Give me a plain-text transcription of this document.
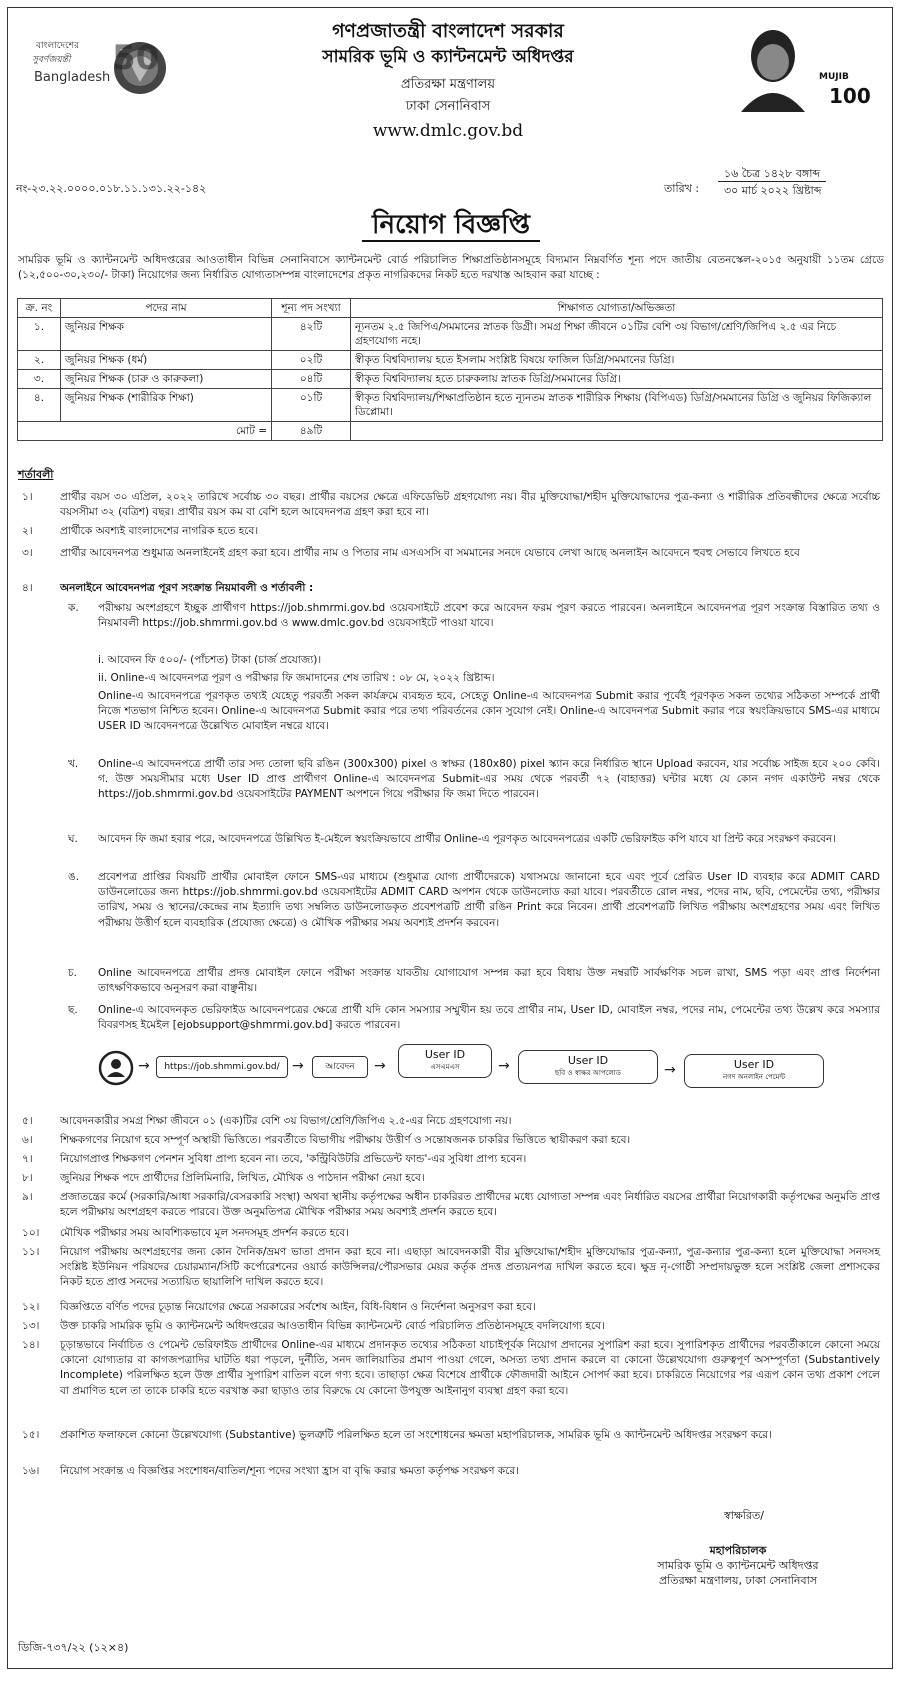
বাংলাদেশের
সুবর্ণজয়ন্তী
Bangladesh 50
গণপ্রজাতন্ত্রী বাংলাদেশ সরকার
সামরিক ভূমি ও ক্যান্টনমেন্ট অধিদপ্তর
প্রতিরক্ষা মন্ত্রণালয়
ঢাকা সেনানিবাস
www.dmlc.gov.bd
MUJIB
100
নং-২৩.২২.০০০০.০১৮.১১.১৩১.২২-১৪২	তারিখ :
১৬ চৈত্র ১৪২৮ বঙ্গাব্দ
৩০ মার্চ ২০২২ খ্রিষ্টাব্দ
নিয়োগ বিজ্ঞপ্তি
সামরিক ভূমি ও ক্যান্টনমেন্ট অধিদপ্তরের আওতাধীন বিভিন্ন সেনানিবাসে ক্যান্টনমেন্ট বোর্ড পরিচালিত শিক্ষাপ্রতিষ্ঠানসমূহে বিদ্যমান নিম্নবর্ণিত শূন্য পদে জাতীয় বেতনস্কেল-২০১৫ অনুযায়ী ১১তম গ্রেডে (১২,৫০০-৩০,২৩০/- টাকা) নিয়োগের জন্য নির্ধারিত যোগ্যতাসম্পন্ন বাংলাদেশের প্রকৃত নাগরিকদের নিকট হতে দরখাস্ত আহবান করা যাচ্ছে :
ক্র. নং	পদের নাম	শূন্য পদ সংখ্যা	শিক্ষাগত যোগ্যতা/অভিজ্ঞতা
১.	জুনিয়র শিক্ষক	৪২টি	ন্যূনতম ২.৫ জিপিএ/সমমানের স্নাতক ডিগ্রী। সমগ্র শিক্ষা জীবনে ০১টির বেশি ৩য় বিভাগ/শ্রেণি/জিপিএ ২.৫ এর নিচে গ্রহণযোগ্য নহে।
২.	জুনিয়র শিক্ষক (ধর্ম)	০২টি	স্বীকৃত বিশ্ববিদ্যালয় হতে ইসলাম সংশ্লিষ্ট বিষয়ে ফাজিল ডিগ্রি/সমমানের ডিগ্রি।
৩.	জুনিয়র শিক্ষক (চারু ও কারুকলা)	০৪টি	স্বীকৃত বিশ্ববিদ্যালয় হতে চারুকলায় স্নাতক ডিগ্রি/সমমানের ডিগ্রি।
৪.	জুনিয়র শিক্ষক (শারীরিক শিক্ষা)	০১টি	স্বীকৃত বিশ্ববিদ্যালয়/শিক্ষাপ্রতিষ্ঠান হতে ন্যূনতম স্নাতক শারীরিক শিক্ষায় (বিপিএড) ডিগ্রি/সমমানের ডিগ্রি ও জুনিয়র ফিজিক্যাল ডিপ্লোমা।
মোট =		৪৯টি	
শর্তাবলী
১।	প্রার্থীর বয়স ৩০ এপ্রিল, ২০২২ তারিখে সর্বোচ্চ ৩০ বছর। প্রার্থীর বয়সের ক্ষেত্রে এফিডেভিট গ্রহণযোগ্য নয়। বীর মুক্তিযোদ্ধা/শহীদ মুক্তিযোদ্ধাদের পুত্র-কন্যা ও শারীরিক প্রতিবন্ধীদের ক্ষেত্রে সর্বোচ্চ বয়সসীমা ৩২ (বত্রিশ) বছর। প্রার্থীর বয়স কম বা বেশি হলে আবেদনপত্র গ্রহণ করা হবে না।
২।	প্রার্থীকে অবশ্যই বাংলাদেশের নাগরিক হতে হবে।
৩।	প্রার্থীর আবেদনপত্র শুধুমাত্র অনলাইনেই গ্রহণ করা হবে। প্রার্থীর নাম ও পিতার নাম এসএসসি বা সমমানের সনদে যেভাবে লেখা আছে অনলাইন আবেদনে হুবহু সেভাবে লিখতে হবে
৪।	অনলাইনে আবেদনপত্র পূরণ সংক্রান্ত নিয়মাবলী ও শর্তাবলী :
ক.	পরীক্ষায় অংশগ্রহণে ইচ্ছুক প্রার্থীগণ https://job.shmrmi.gov.bd ওয়েবসাইটে প্রবেশ করে আবেদন ফরম পূরণ করতে পারবেন। অনলাইনে আবেদনপত্র পূরণ সংক্রান্ত বিস্তারিত তথ্য ও নিয়মাবলী https://job.shmrmi.gov.bd ও www.dmlc.gov.bd ওয়েবসাইটে পাওয়া যাবে।
i. আবেদন ফি ৫০০/- (পাঁচশত) টাকা (চার্জ প্রযোজ্য)।
ii. Online-এ আবেদনপত্র পূরণ ও পরীক্ষার ফি জমাদানের শেষ তারিখ : ০৮ মে, ২০২২ খ্রিষ্টাব্দ।
Online-এ আবেদনপত্রে পূরণকৃত তথ্যই যেহেতু পরবর্তী সকল কার্যক্রমে ব্যবহৃত হবে, সেহেতু Online-এ আবেদনপত্র Submit করার পূর্বেই পূরণকৃত সকল তথ্যের সঠিকতা সম্পর্কে প্রার্থী নিজে শতভাগ নিশ্চিত হবেন। Online-এ আবেদনপত্র Submit করার পরে তথ্য পরিবর্তনের কোন সুযোগ নেই। Online-এ আবেদনপত্র Submit করার পরে স্বয়ংক্রিয়ভাবে SMS-এর মাধ্যমে USER ID আবেদনপত্রে উল্লেখিত মোবাইল নম্বরে যাবে।
খ.	Online-এ আবেদনপত্রে প্রার্থী তার সদ্য তোলা ছবি রঙিন (300x300) pixel ও স্বাক্ষর (180x80) pixel স্ক্যান করে নির্ধারিত স্থানে Upload করবেন, যার সর্বোচ্চ সাইজ হবে ২০০ কেবি। গ. উক্ত সময়সীমার মধ্যে User ID প্রাপ্ত প্রার্থীগণ Online-এ আবেদনপত্র Submit-এর সময় থেকে পরবর্তী ৭২ (বাহাত্তর) ঘন্টার মধ্যে যে কোন নগদ একাউন্ট নম্বর থেকে https://job.shmrmi.gov.bd ওয়েবসাইটের PAYMENT অপশনে গিয়ে পরীক্ষার ফি জমা দিতে পারবেন।
ঘ.	আবেদন ফি জমা হবার পরে, আবেদনপত্রে উল্লিখিত ই-মেইলে স্বয়ংক্রিয়ভাবে প্রার্থীর Online-এ পূরণকৃত আবেদনপত্রের একটি ভেরিফাইড কপি যাবে যা প্রিন্ট করে সংরক্ষণ করবেন।
ঙ.	প্রবেশপত্র প্রাপ্তির বিষয়টি প্রার্থীর মোবাইল ফোনে SMS-এর মাধ্যমে (শুধুমাত্র যোগ্য প্রার্থীদেরকে) যথাসময়ে জানানো হবে এবং পূর্বে প্রেরিত User ID ব্যবহার করে ADMIT CARD ডাউনলোডের জন্য https://job.shmrmi.gov.bd ওয়েবসাইটের ADMIT CARD অপশন থেকে ডাউনলোড করা যাবে। পরবর্তীতে রোল নম্বর, পদের নাম, ছবি, পেমেন্টের তথ্য, পরীক্ষার তারিখ, সময় ও স্থানের/কেন্দ্রের নাম ইত্যাদি তথ্য সম্বলিত ডাউনলোডকৃত প্রবেশপত্রটি প্রার্থী রঙিন Print করে নিবেন। প্রার্থী প্রবেশপত্রটি লিখিত পরীক্ষায় অংশগ্রহণের সময় এবং লিখিত পরীক্ষায় উত্তীর্ণ হলে ব্যবহারিক (প্রযোজ্য ক্ষেত্রে) ও মৌখিক পরীক্ষার সময় অবশ্যই প্রদর্শন করবেন।
চ.	Online আবেদনপত্রে প্রার্থীর প্রদত্ত মোবাইল ফোনে পরীক্ষা সংক্রান্ত যাবতীয় যোগাযোগ সম্পন্ন করা হবে বিধায় উক্ত নম্বরটি সার্বক্ষণিক সচল রাখা, SMS পড়া এবং প্রাপ্ত নির্দেশনা তাৎক্ষণিকভাবে অনুসরণ করা বাঞ্ছনীয়।
ছ.	Online-এ আবেদনকৃত ভেরিফাইড আবেদনপত্রের ক্ষেত্রে প্রার্থী যদি কোন সমস্যার সম্মুখীন হয় তবে প্রার্থীর নাম, User ID, মোবাইল নম্বর, পদের নাম, পেমেন্টের তথ্য উল্লেখ করে সমস্যার বিবরণসহ ইমেইল [ejobsupport@shmrmi.gov.bd] করতে পারবেন।
→	https://job.shmmi.gov.bd/ →	আবেদন	→
User ID
এসএমএস	→	User ID
ছবি ও স্বাক্ষর আপলোড	→	User ID
নগদ অনলাইন পেমেন্ট
৫।	আবেদনকারীর সমগ্র শিক্ষা জীবনে ০১ (এক)টির বেশি ৩য় বিভাগ/শ্রেণি/জিপিএ ২.৫-এর নিচে গ্রহণযোগ্য নয়।
৬।	শিক্ষকগণের নিয়োগ হবে সম্পূর্ণ অস্থায়ী ভিত্তিতে। পরবর্তীতে বিভাগীয় পরীক্ষায় উত্তীর্ণ ও সন্তোষজনক চাকরির ভিত্তিতে স্থায়ীকরণ করা হবে।
৭।	নিয়োগপ্রাপ্ত শিক্ষকগণ পেনশন সুবিধা প্রাপ্য হবেন না। তবে, 'কন্ট্রিবিউটরি প্রভিডেন্ট ফান্ড'-এর সুবিধা প্রাপ্য হবেন।
৮।	জুনিয়র শিক্ষক পদে প্রার্থীদের প্রিলিমিনারি, লিখিত, মৌখিক ও পাঠদান পরীক্ষা নেয়া হবে।
৯।	প্রজাতন্ত্রের কর্মে (সরকারি/আধা সরকারি/বেসরকারি সংস্থা) অথবা স্থানীয় কর্তৃপক্ষের অধীন চাকরিরত প্রার্থীদের মধ্যে যোগ্যতা সম্পন্ন এবং নির্ধারিত বয়সের প্রার্থীরা নিয়োগকারী কর্তৃপক্ষের অনুমতি প্রাপ্ত হলে পরীক্ষায় অংশগ্রহণ করতে পারবে। উক্ত অনুমতিপত্র মৌখিক পরীক্ষার সময় অবশ্যই প্রদর্শন করতে হবে।
১০।	মৌখিক পরীক্ষার সময় আবশ্যিকভাবে মূল সনদসমূহ প্রদর্শন করতে হবে।
১১।	নিয়োগ পরীক্ষায় অংশগ্রহণের জন্য কোন দৈনিক/ভ্রমণ ভাতা প্রদান করা হবে না। এছাড়া আবেদনকারী বীর মুক্তিযোদ্ধা/শহীদ মুক্তিযোদ্ধার পুত্র-কন্যা, পুত্র-কন্যার পুত্র-কন্যা হলে মুক্তিযোদ্ধা সনদসহ সংশ্লিষ্ট ইউনিয়ন পরিষদের চেয়ারম্যান/সিটি কর্পোরেশনের ওয়ার্ড কাউন্সিলর/পৌরসভার মেয়র কর্তৃক প্রদত্ত প্রত্যয়নপত্র দাখিল করতে হবে। ক্ষুদ্র নৃ-গোষ্ঠী সম্প্রদায়ভুক্ত হলে সংশ্লিষ্ট জেলা প্রশাসকের নিকট হতে প্রাপ্ত সনদের সত্যায়িত ছায়ালিপি দাখিল করতে হবে।
১২।	বিজ্ঞপ্তিতে বর্ণিত পদের চূড়ান্ত নিয়োগের ক্ষেত্রে সরকারের সর্বশেষ আইন, বিধি-বিধান ও নির্দেশনা অনুসরণ করা হবে।
১৩।	উক্ত চাকরি সামরিক ভূমি ও ক্যান্টনমেন্ট অধিদপ্তরের আওতাধীন বিভিন্ন ক্যান্টনমেন্ট বোর্ড পরিচালিত প্রতিষ্ঠানসমূহে বদলিযোগ্য হবে।
১৪।	চূড়ান্তভাবে নির্বাচিত ও পেমেন্ট ভেরিফাইড প্রার্থীদের Online-এর মাধ্যমে প্রদানকৃত তথ্যের সঠিকতা যাচাইপূর্বক নিয়োগ প্রদানের সুপারিশ করা হবে। সুপারিশকৃত প্রার্থীদের পরবর্তীকালে কোনো সময়ে কোনো যোগ্যতার বা কাগজপত্রাদির ঘাটতি ধরা পড়লে, দুর্নীতি, সনদ জালিয়াতির প্রমাণ পাওয়া গেলে, অসত্য তথ্য প্রদান করলে বা কোনো উল্লেখযোগ্য গুরুত্বপূর্ণ অসম্পূর্ণতা (Substantively Incomplete) পরিলক্ষিত হলে উক্ত প্রার্থীর সুপারিশ বাতিল বলে গণ্য হবে। তাছাড়া ক্ষেত্র বিশেষে প্রার্থীকে ফৌজদারী আইনে সোপর্দ করা হবে। চাকরিতে নিয়োগের পর এরূপ কোন তথ্য প্রকাশ পেলে বা প্রমাণিত হলে তা তাকে চাকরি হতে বরখাস্ত করা ছাড়াও তার বিরুদ্ধে যে কোনো উপযুক্ত আইনানুগ ব্যবস্থা গ্রহণ করা হবে।
১৫।	প্রকাশিত ফলাফলে কোনো উল্লেখযোগ্য (Substantive) ভুলত্রুটি পরিলক্ষিত হলে তা সংশোধনের ক্ষমতা মহাপরিচালক, সামরিক ভূমি ও ক্যান্টনমেন্ট অধিদপ্তর সংরক্ষণ করে।
১৬।	নিয়োগ সংক্রান্ত এ বিজ্ঞপ্তির সংশোধন/বাতিল/শূন্য পদের সংখ্যা হ্রাস বা বৃদ্ধি করার ক্ষমতা কর্তৃপক্ষ সংরক্ষণ করে।
স্বাক্ষরিত/
মহাপরিচালক
সামরিক ভূমি ও ক্যান্টনমেন্ট অধিদপ্তর
প্রতিরক্ষা মন্ত্রণালয়, ঢাকা সেনানিবাস
ডিজি-৭৩৭/২২ (১২×৪)
